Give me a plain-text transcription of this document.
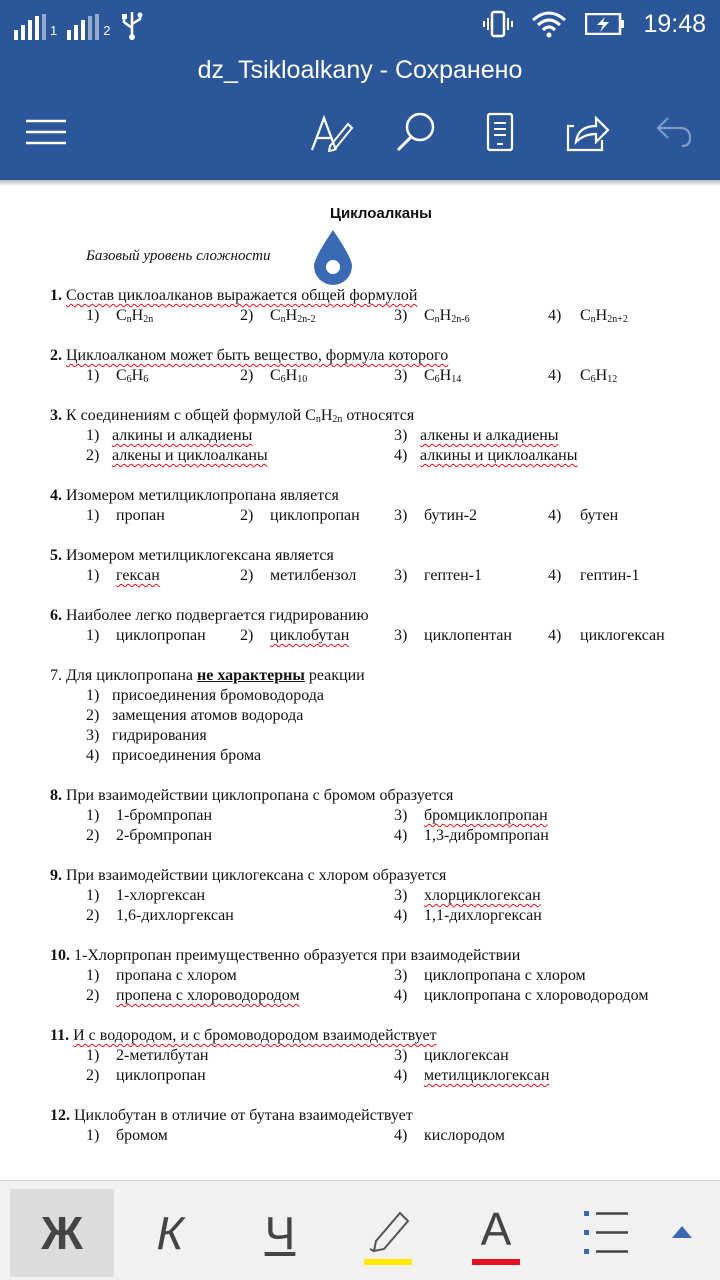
1	2	19:48
dz_Tsikloalkany - Сохранено
Циклоалканы
Базовый уровень сложности
1. Состав циклоалканов выражается общей формулой
1) $C_nH_{2n}$	2) $C_nH_{2n-2}$	3) $C_nH_{2n-6}$	4) $C_nH_{2n+2}$
2. Циклоалканом может быть вещество, формула которого
1) $C_6H_6$	2) $C_6H_{10}$	3) $C_6H_{14}$	4) $C_6H_{12}$
3. К соединениям с общей формулой $C_nH_{2n}$ относятся
1) алкины и алкадиены	3) алкены и алкадиены
2) алкены и циклоалканы	4) алкины и циклоалканы
4. Изомером метилциклопропана является
1) пропан	2) циклопропан 3) бутин-2	4) бутен
5. Изомером метилциклогексана является
1) гексан	2) метилбензол 3) гептен-1	4) гептин-1
6. Наиболее легко подвергается гидрированию
1) циклопропан 2) циклобутан	3) циклопентан 4) циклогексан
7. Для циклопропана не характерны реакции
1) присоединения бромоводорода
2) замещения атомов водорода
3) гидрирования
4) присоединения брома
8. При взаимодействии циклопропана с бромом образуется
1) 1-бромпропан	3) бромциклопропан
2) 2-бромпропан	4) 1,3-дибромпропан
9. При взаимодействии циклогексана с хлором образуется
1) 1-хлоргексан	3) хлорциклогексан
2) 1,6-дихлоргексан	4) 1,1-дихлоргексан
10. 1-Хлорпропан преимущественно образуется при взаимодействии
1) пропана с хлором	3) циклопропана с хлором
2) пропена с хлороводородом	4) циклопропана с хлороводородом
11. И с водородом, и с бромоводородом взаимодействует
1) 2-метилбутан	3) циклогексан
2) циклопропан	4) метилциклогексан
12. Циклобутан в отличие от бутана взаимодействует
1) бромом	4) кислородом
Ж	К	Ч	A
